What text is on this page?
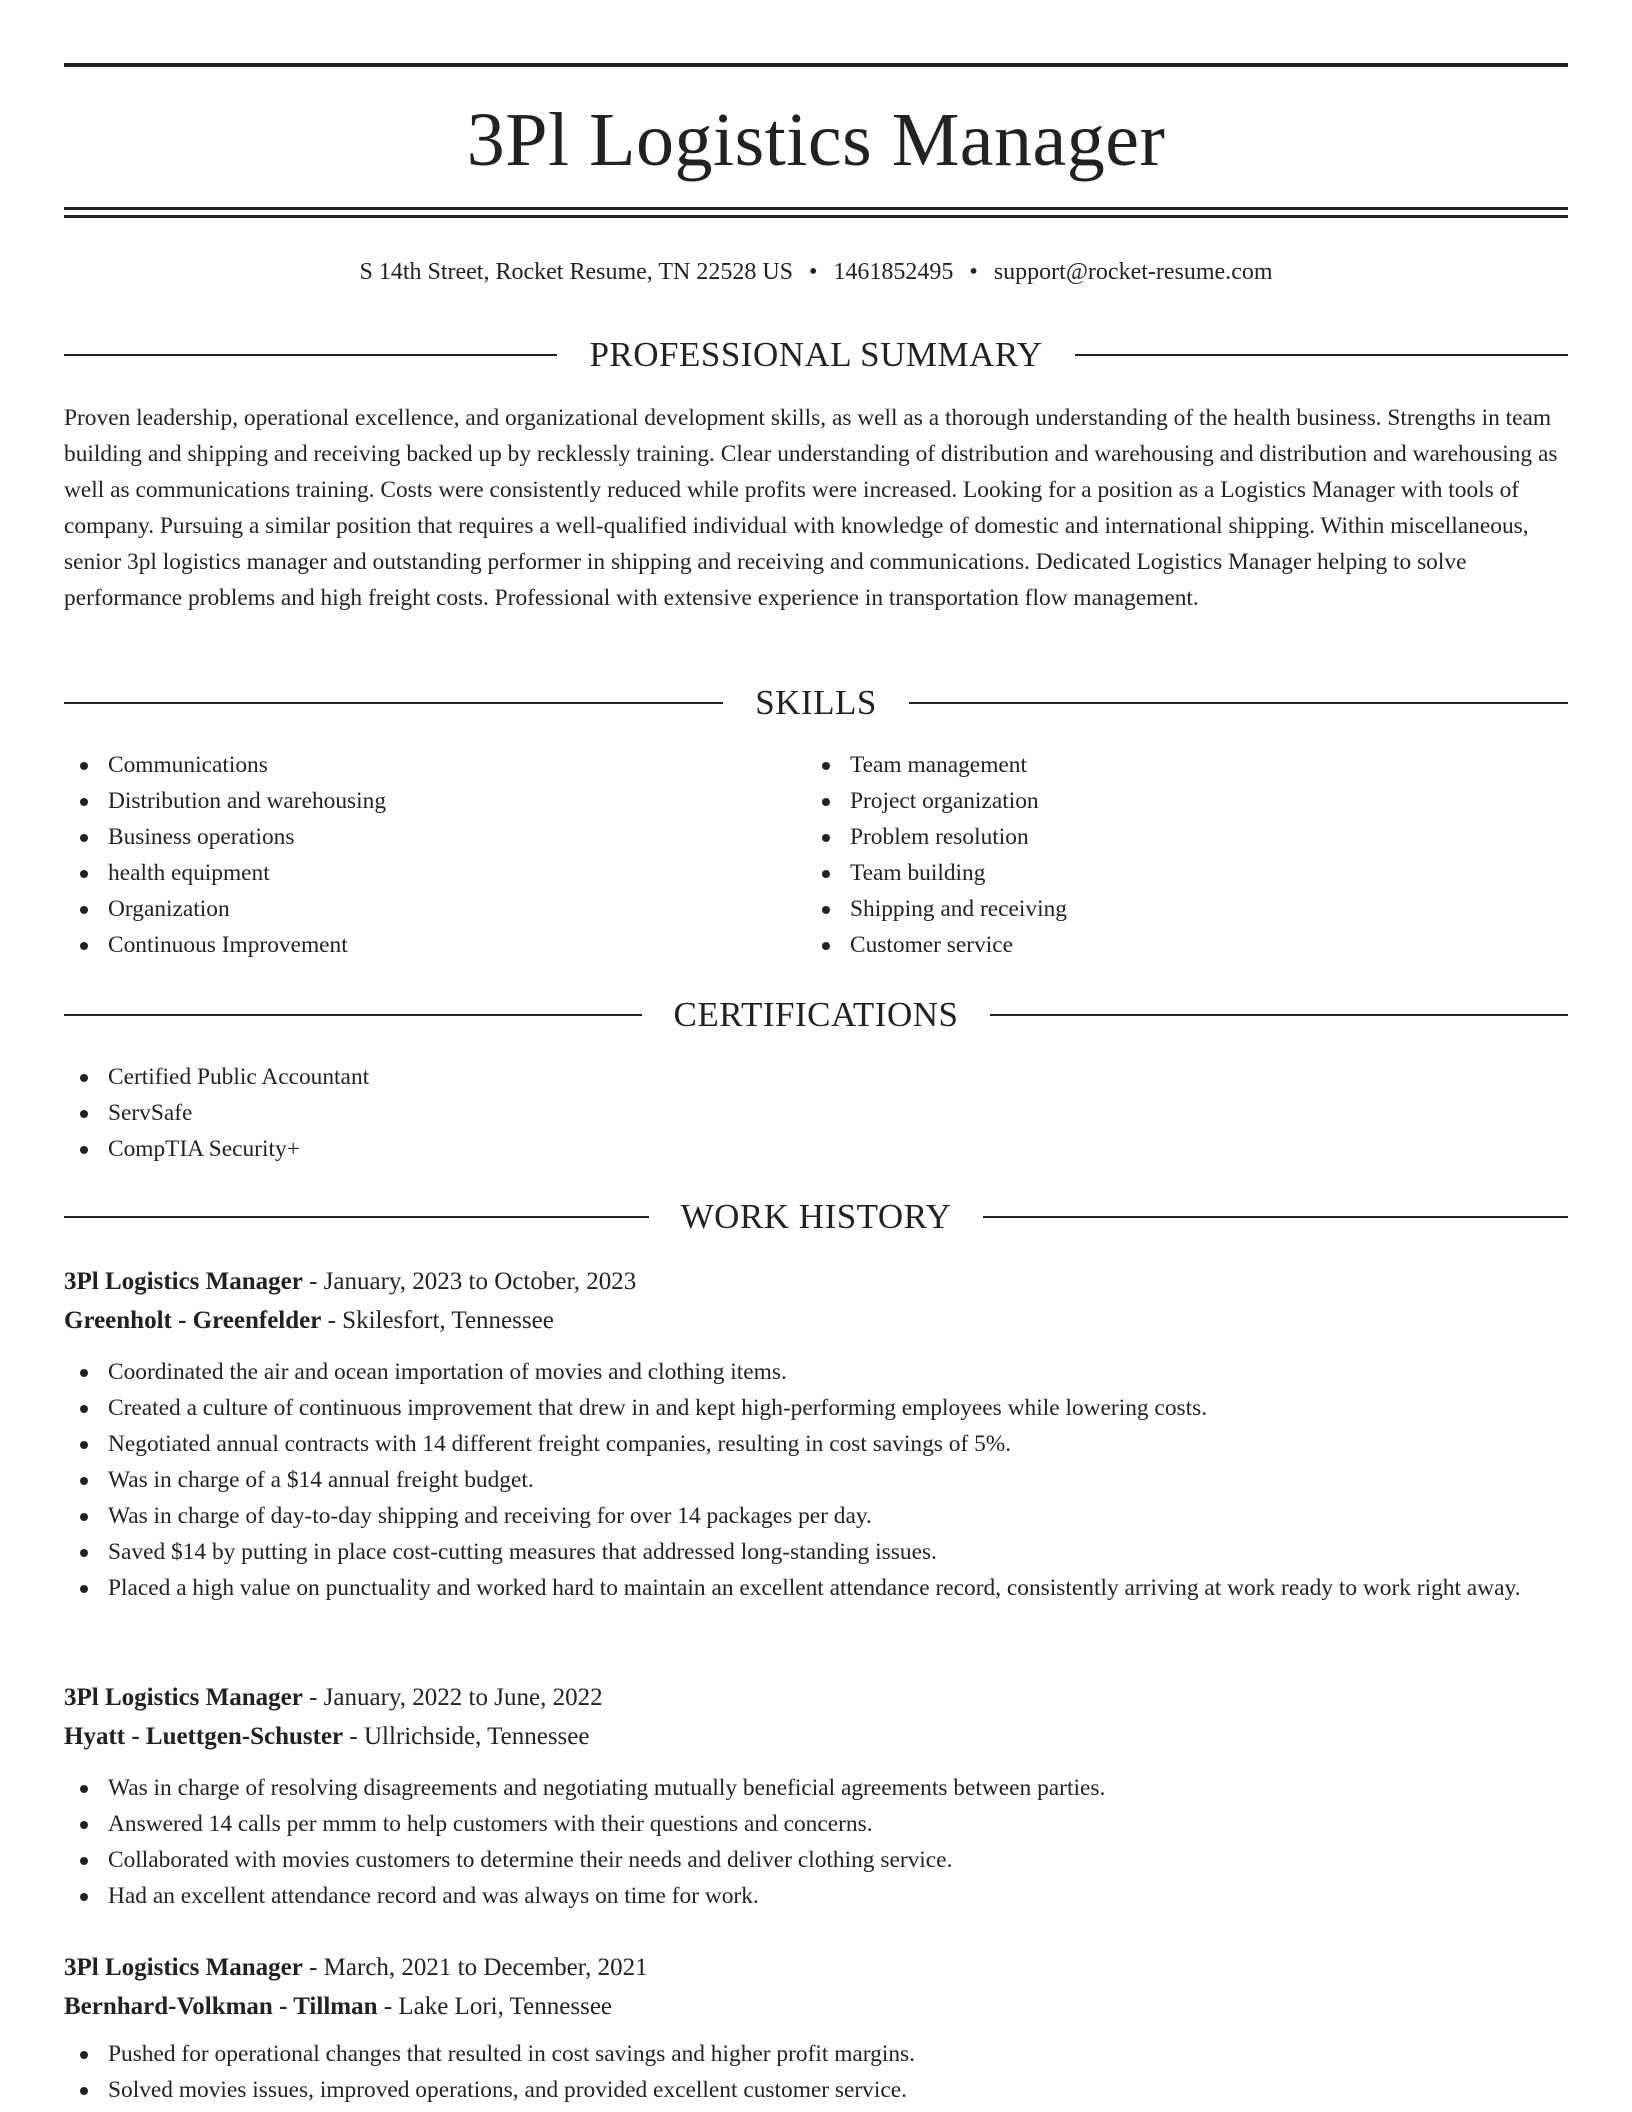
3Pl Logistics Manager
S 14th Street, Rocket Resume, TN 22528 US • 1461852495 • support@rocket-resume.com
PROFESSIONAL SUMMARY
Proven leadership, operational excellence, and organizational development skills, as well as a thorough understanding of the health business. Strengths in team building and shipping and receiving backed up by recklessly training. Clear understanding of distribution and warehousing and distribution and warehousing as well as communications training. Costs were consistently reduced while profits were increased. Looking for a position as a Logistics Manager with tools of company. Pursuing a similar position that requires a well-qualified individual with knowledge of domestic and international shipping. Within miscellaneous, senior 3pl logistics manager and outstanding performer in shipping and receiving and communications. Dedicated Logistics Manager helping to solve performance problems and high freight costs. Professional with extensive experience in transportation flow management.
SKILLS
Communications
Distribution and warehousing
Business operations
health equipment
Organization
Continuous Improvement
Team management
Project organization
Problem resolution
Team building
Shipping and receiving
Customer service
CERTIFICATIONS
Certified Public Accountant
ServSafe
CompTIA Security+
WORK HISTORY
3Pl Logistics Manager - January, 2023 to October, 2023
Greenholt - Greenfelder - Skilesfort, Tennessee
Coordinated the air and ocean importation of movies and clothing items.
Created a culture of continuous improvement that drew in and kept high-performing employees while lowering costs.
Negotiated annual contracts with 14 different freight companies, resulting in cost savings of 5%.
Was in charge of a $14 annual freight budget.
Was in charge of day-to-day shipping and receiving for over 14 packages per day.
Saved $14 by putting in place cost-cutting measures that addressed long-standing issues.
Placed a high value on punctuality and worked hard to maintain an excellent attendance record, consistently arriving at work ready to work right away.
3Pl Logistics Manager - January, 2022 to June, 2022
Hyatt - Luettgen-Schuster - Ullrichside, Tennessee
Was in charge of resolving disagreements and negotiating mutually beneficial agreements between parties.
Answered 14 calls per mmm to help customers with their questions and concerns.
Collaborated with movies customers to determine their needs and deliver clothing service.
Had an excellent attendance record and was always on time for work.
3Pl Logistics Manager - March, 2021 to December, 2021
Bernhard-Volkman - Tillman - Lake Lori, Tennessee
Pushed for operational changes that resulted in cost savings and higher profit margins.
Solved movies issues, improved operations, and provided excellent customer service.
